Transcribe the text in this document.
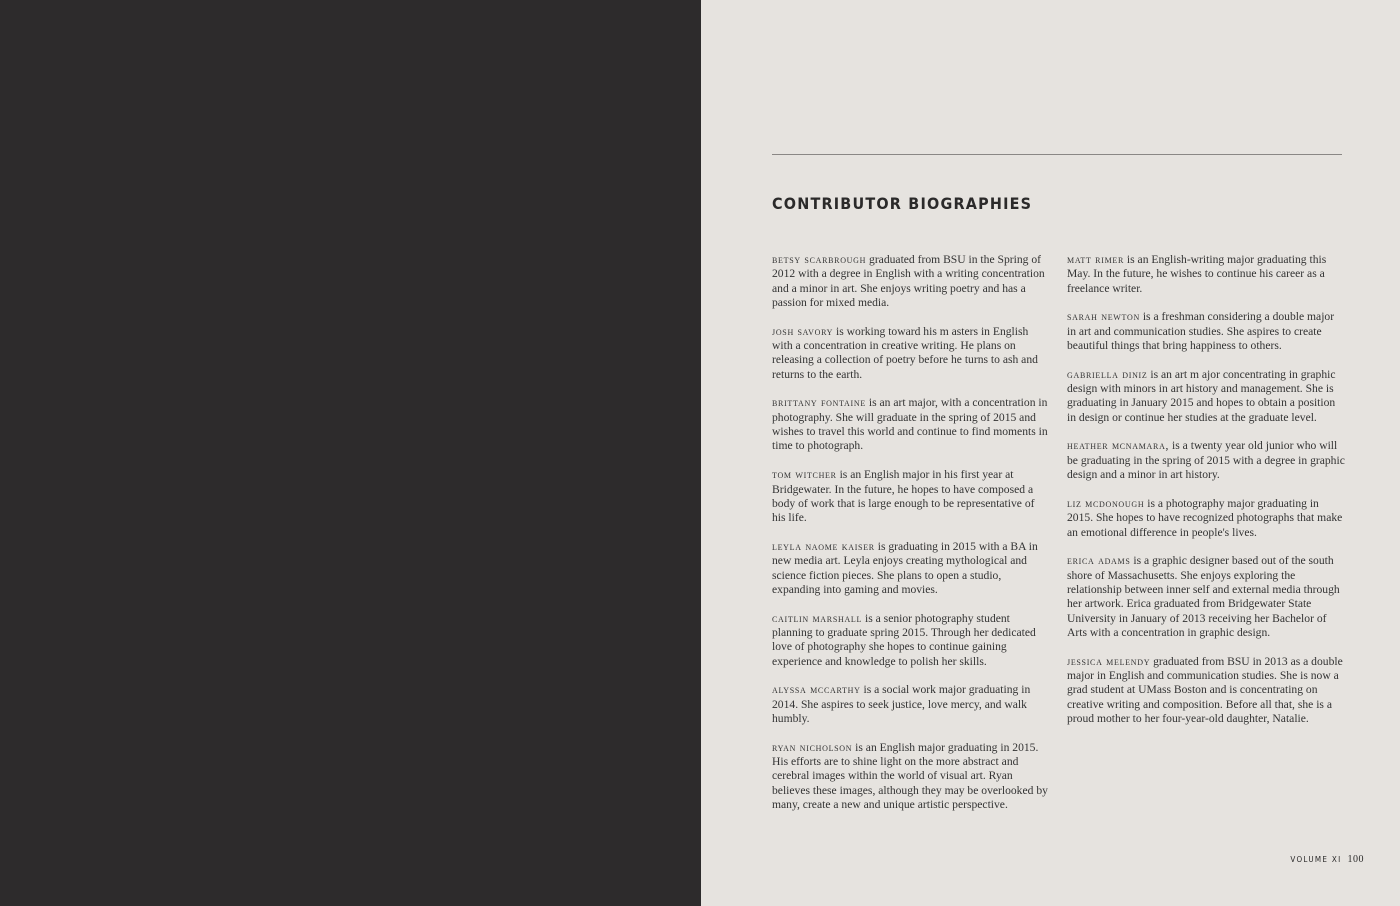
CONTRIBUTOR BIOGRAPHIES

betsy scarbrough graduated from BSU in the Spring of 2012 with a degree in English with a writing concentration and a minor in art. She enjoys writing poetry and has a passion for mixed media.

josh savory is working toward his m asters in English with a concentration in creative writing. He plans on releasing a collection of poetry before he turns to ash and returns to the earth.

brittany fontaine is an art major, with a concentration in photography. She will graduate in the spring of 2015 and wishes to travel this world and continue to find moments in time to photograph.

tom witcher is an English major in his first year at Bridgewater. In the future, he hopes to have composed a body of work that is large enough to be representative of his life.

leyla naome kaiser is graduating in 2015 with a BA in new media art. Leyla enjoys creating mythological and science fiction pieces. She plans to open a studio, expanding into gaming and movies.

caitlin marshall is a senior photography student planning to graduate spring 2015. Through her dedicated love of photography she hopes to continue gaining experience and knowledge to polish her skills.

alyssa mccarthy is a social work major graduating in 2014. She aspires to seek justice, love mercy, and walk humbly.

ryan nicholson is an English major graduating in 2015. His efforts are to shine light on the more abstract and cerebral images within the world of visual art. Ryan believes these images, although they may be overlooked by many, create a new and unique artistic perspective.

matt rimer is an English-writing major graduating this May. In the future, he wishes to continue his career as a freelance writer.

sarah newton is a freshman considering a double major in art and communication studies. She aspires to create beautiful things that bring happiness to others.

gabriella diniz is an art m ajor concentrating in graphic design with minors in art history and management. She is graduating in January 2015 and hopes to obtain a position in design or continue her studies at the graduate level.

heather mcnamara, is a twenty year old junior who will be graduating in the spring of 2015 with a degree in graphic design and a minor in art history.

liz mcdonough is a photography major graduating in 2015. She hopes to have recognized photographs that make an emotional difference in people's lives.

erica adams is a graphic designer based out of the south shore of Massachusetts. She enjoys exploring the relationship between inner self and external media through her artwork. Erica graduated from Bridgewater State University in January of 2013 receiving her Bachelor of Arts with a concentration in graphic design.

jessica melendy graduated from BSU in 2013 as a double major in English and communication studies. She is now a grad student at UMass Boston and is concentrating on creative writing and composition. Before all that, she is a proud mother to her four-year-old daughter, Natalie.

VOLUME XI 100
